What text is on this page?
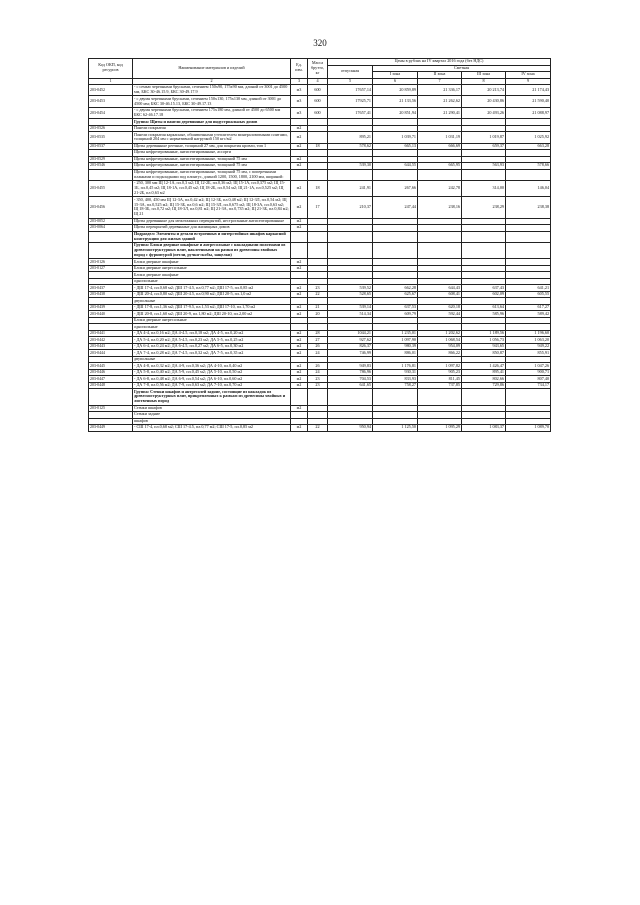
320
Код ОКП, код ресурсов	Наименование материалов и изделий	Ед. изм.	Масса брутто, кг	Цены в рублях на IV квартал 2016 года (без НДС)				
				отпускная	Сметная			
					I зона	II зона	III зона	IV зона
1	2	3	4	5	6	7	8	9
203-0452	- с семью черепными брусками, сечением 150х90, 175х90 мм, длиной от 3001 до 4500 мм, БКС 30-46.15.9, БКС 30-49.17.9	м3	600	17657,14	20 859,89	21 336,17	20 213,74	21 174,43
203-0453	- с двумя черепными брусками, сечением 150х130, 175х130 мм, длиной от 3001 до 4500 мм; БКС 30-46.15.13, БКС 30-49.17.13	м3	600	17925,71	21 133,56	21 262,62	20 430,86	21 590,40
203-0454	- с двумя черепными брусками, сечением 175х180 мм, длиной от 4500 до 6500 мм БКС 62-46.17.18	м3	600	17657,41	20 851,94	21 290,41	20 493,26	21 088,97
	Группа: Щиты и панели деревянные для индустриальных домов							
203-0526	Панели покрытия	м2						
203-0535	Панели покрытия каркасные, обшивочными утеплителем минераловатными плитами, толщиной 204 мм с нормативной нагрузкой 150 кгс/м2	м2		895,21	1 039,71	1 031,19	1 019,87	1 025,92
203-0537	Щиты деревянные реечные, толщиной 27 мм, для покрытия кровли, тип 1	м2	18	578,62	665,13	666,69	659,37	663,28
	Щиты нефрезерованные, антисептированные, ассорти							
203-0529	Щиты нефрезерованные, антисептированные, толщиной 75 мм	м2						
203-0546	Щиты нефрезерованные, антисептированные, толщиной 75 мм	м2		539,30	644,55	665,95	563,93	578,66
	Щиты нефрезерованные, антисептированные, толщиной 75 мм, с поперечными планками и подкладками под плинтус, длиной 1200, 1500, 1800, 2100 мм, шириной:							
203-0455	- 250, 300 мм Щ 12-1А, пл.0,3 м2; Щ 12-2Б, пл.0,36 м2; Щ 15-1А, пл.0,375 м2; Щ 15-1Б, пл.0,45 м2; Щ 18-1А, пл.0,45 м2; Щ 18-2Б, пл.0,54 м2; Щ 21-1А, пл.0,525 м2; Щ 21-2Б, пл.0,63 м2	м2	18	241,91	267,66	242,78	314,00	146,04
203-0456	- 350, 400, 450 мм Щ 12-3А, пл.0,42 м2; Щ 12-3Б, пл.0,48 м2; Щ 12-3Л, пл.0,54 м2; Щ 15-3А, пл.0,525 м2; Щ 15-3Б, пл.0,6 м2; Щ 15-3Л, пл.0,675 м2; Щ 18-3А, пл.0,63 м2; Щ 18-3Б, пл.0,72 м2; Щ 18-3Л, пл.0,81 м2; Щ 21-3А, пл.0,735 м2; Щ 21-3Б, пл.0,84 м2; Щ 21	м2	17	210,37	247,44	238,16	238,29	238,38
203-0052	Щиты деревянные для межэтажных перекрытий, нестроганные антисептированные	м2						
203-0064	Щиты перекрытий деревянные для жилищных домов	м2						
	Подраздел: Элементы и детали встроенных и интерстойных шкафов каркасной конструкции для жилых зданий							
	Группа: Блоки дверные шкафные и антресольные с накладными полотнами из древесноструктурных плит, наклеенными на рамки из древесины хвойных пород с фурнитурой (петли, ручки-скобы, защелки)							
203-0126	Блоки дверные шкафные	м2						
203-0127	Блоки дверные антресольные	м2						
	Блоки дверные шкафные							
	однопольные							
203-0437	- ДШ 17-4, пл.0,68 м2; ДШ 17-4.5, пл.0,77 м2; ДШ 17-5, пл.0,85 м2	м2	23	539,52	662,28	644,43	637,43	641,21
203-0438	- ДШ 20-4, пл.0,80 м2; ДШ 20-4.5, пл.0,90 м2; ДШ 20-5, пл.1,0 м2	м2	22	528,65	625,67	608,41	602,09	605,55
	двупольные							
203-0439	- ДШ 17-8, пл.1,36 м2; ДШ 17-9.5, пл.1,53 м2; ДШ 17-10, пл.1,70 м2	м2	21	539,14	637,53	620,18	613,64	617,27
203-0440	- ДШ 20-8, пл.1,60 м2; ДШ 20-9, пл.1,80 м2; ДШ 20-10, пл.2,00 м2	м2	20	514,34	609,79	592,44	585,96	589,42
	Блоки дверные антресольные							
	однопольные							
203-0441	- ДА 4-4, пл.0,16 м2; ДА 4-4.5, пл.0,18 м2; ДА 4-5, пл.0,20 м2	м2	28	1044,21	1 235,01	1 202,62	1 189,56	1 196,60
203-0442	- ДА 5-4, пл.0,20 м2; ДА 5-4.5, пл.0,23 м2; ДА 5-5, пл.0,25 м2	м2	27	927,62	1 097,90	1 068,54	1 056,73	1 063,20
203-0443	- ДА 6-4, пл.0,24 м2; ДА 6-4.5, пл.0,27 м2; ДА 6-5, пл.0,30 м2	м2	26	826,37	980,39	954,09	943,65	949,22
203-0444	- ДА 7-4, пл.0,28 м2; ДА 7-4.5, пл.0,32 м2; ДА 7-5, пл.0,35 м2	м2	24	746,99	886,01	866,22	850,87	855,91
	двупольные							
203-0445	- ДА 4-8, пл.0,32 м2; ДА 4-9, пл.0,36 м2; ДА 4-10, пл.0,40 м2	м2	26	949,83	1 176,81	1 097,82	1 426,47	1 047,26
203-0446	- ДА 5-8, пл.0,40 м2; ДА 5-9, пл.0,45 м2; ДА 5-10, пл.0,50 м2	м2	24	786,96	930,31	905,23	895,41	900,71
203-0447	- ДА 6-8, пл.0,48 м2; ДА 6-9, пл.0,54 м2; ДА 6-10, пл.0,60 м2	м2	23	704,53	833,93	811,45	802,66	807,40
203-0448	- ДА 7-8, пл.0,56 м2; ДА 7-9, пл.0,63 м2; ДА 7-10, пл.0,70 м2	м2	23	641,65	758,27	737,85	729,86	734,17
	Группа: Стенки шкафов и антресолей задние, состоящие из накладок из древесноструктурных плит, прикрепленных к рамкам из древесины хвойных и лиственных пород							
203-0125	Стенки шкафов	м2						
	Стенки задние							
	шкафов							
203-0449	- СШ 17-4, пл.0,68 м2; СШ 17-4.5, пл.0,77 м2; СШ 17-5, пл.0,85 м2	м2	22	950,94	1 125,50	1 095,29	1 083,37	1 089,70
